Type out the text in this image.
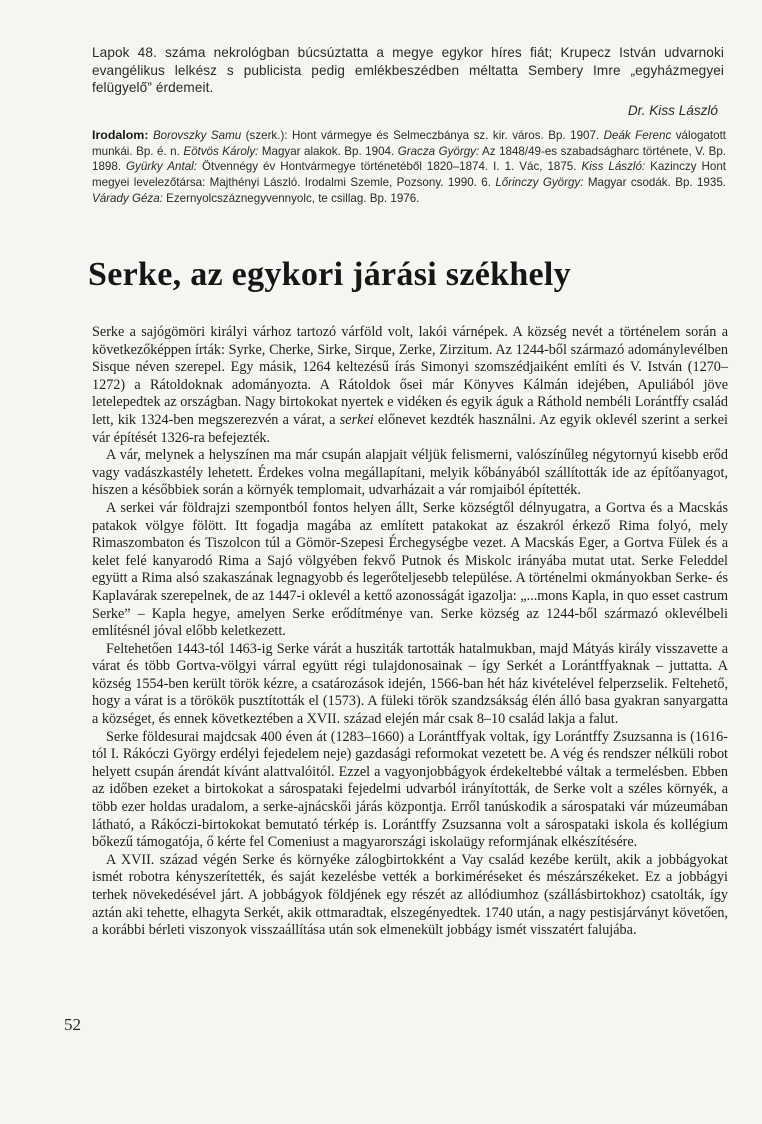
Lapok 48. száma nekrológban búcsúztatta a megye egykor híres fiát; Krupecz István udvarnoki evangélikus lelkész s publicista pedig emlékbeszédben méltatta Sembery Imre „egyházmegyei felügyelő” érdemeit.
Dr. Kiss László
Irodalom: Borovszky Samu (szerk.): Hont vármegye és Selmeczbánya sz. kir. város. Bp. 1907. Deák Ferenc válogatott munkái. Bp. é. n. Eötvös Károly: Magyar alakok. Bp. 1904. Gracza György: Az 1848/49-es szabadságharc története, V. Bp. 1898. Gyürky Antal: Ötvennégy év Hontvármegye történetéből 1820–1874. I. 1. Vác, 1875. Kiss László: Kazinczy Hont megyei levelezőtársa: Majthényi László. Irodalmi Szemle, Pozsony. 1990. 6. Lőrinczy György: Magyar csodák. Bp. 1935. Várady Géza: Ezernyolcszáznegyvennyolc, te csillag. Bp. 1976.
Serke, az egykori járási székhely

Serke a sajógömöri királyi várhoz tartozó várföld volt, lakói várnépek. A község nevét a történelem során a következőképpen írták: Syrke, Cherke, Sirke, Sirque, Zerke, Zirzitum. Az 1244-ből származó adománylevélben Sisque néven szerepel. Egy másik, 1264 keltezésű írás Simonyi szomszédjaiként említi és V. István (1270–1272) a Rátoldoknak adományozta. A Rátoldok ősei már Könyves Kálmán idejében, Apuliából jöve letelepedtek az országban. Nagy birtokokat nyertek e vidéken és egyik águk a Ráthold nembéli Lorántffy család lett, kik 1324-ben megszerezvén a várat, a serkei előnevet kezdték használni. Az egyik oklevél szerint a serkei vár építését 1326-ra befejezték.

A vár, melynek a helyszínen ma már csupán alapjait véljük felismerni, valószínűleg négytornyú kisebb erőd vagy vadászkastély lehetett. Érdekes volna megállapítani, melyik kőbányából szállították ide az építőanyagot, hiszen a későbbiek során a környék templomait, udvarházait a vár romjaiból építették.

A serkei vár földrajzi szempontból fontos helyen állt, Serke községtől délnyugatra, a Gortva és a Macskás patakok völgye fölött. Itt fogadja magába az említett patakokat az északról érkező Rima folyó, mely Rimaszombaton és Tiszolcon túl a Gömör-Szepesi Érchegységbe vezet. A Macskás Eger, a Gortva Fülek és a kelet felé kanyarodó Rima a Sajó völgyében fekvő Putnok és Miskolc irányába mutat utat. Serke Feleddel együtt a Rima alsó szakaszának legnagyobb és legerőteljesebb települése. A történelmi okmányokban Serke- és Kaplavárak szerepelnek, de az 1447-i oklevél a kettő azonosságát igazolja: „...mons Kapla, in quo esset castrum Serke” – Kapla hegye, amelyen Serke erődítménye van. Serke község az 1244-ből származó oklevélbeli említésnél jóval előbb keletkezett.

Feltehetően 1443-tól 1463-ig Serke várát a husziták tartották hatalmukban, majd Mátyás király visszavette a várat és több Gortva-völgyi várral együtt régi tulajdonosainak – így Serkét a Lorántffyaknak – juttatta. A község 1554-ben került török kézre, a csatározások idején, 1566-ban hét ház kivételével felperzselik. Feltehető, hogy a várat is a törökök pusztították el (1573). A füleki török szandzsákság élén álló basa gyakran sanyargatta a községet, és ennek következtében a XVII. század elején már csak 8–10 család lakja a falut.

Serke földesurai majdcsak 400 éven át (1283–1660) a Lorántffyak voltak, így Lorántffy Zsuzsanna is (1616-tól I. Rákóczi György erdélyi fejedelem neje) gazdasági reformokat vezetett be. A vég és rendszer nélküli robot helyett csupán árendát kívánt alattvalóitól. Ezzel a vagyonjobbágyok érdekeltebbé váltak a termelésben. Ebben az időben ezeket a birtokokat a sárospataki fejedelmi udvarból irányították, de Serke volt a széles környék, a több ezer holdas uradalom, a serke-ajnácskői járás központja. Erről tanúskodik a sárospataki vár múzeumában látható, a Rákóczi-birtokokat bemutató térkép is. Lorántffy Zsuzsanna volt a sárospataki iskola és kollégium bőkezű támogatója, ő kérte fel Comeniust a magyarországi iskolaügy reformjának elkészítésére.

A XVII. század végén Serke és környéke zálogbirtokként a Vay család kezébe került, akik a jobbágyokat ismét robotra kényszerítették, és saját kezelésbe vették a borkiméréseket és mészárszékeket. Ez a jobbágyi terhek növekedésével járt. A jobbágyok földjének egy részét az allódiumhoz (szállásbirtokhoz) csatolták, így aztán aki tehette, elhagyta Serkét, akik ottmaradtak, elszegényedtek. 1740 után, a nagy pestisjárványt követően, a korábbi bérleti viszonyok visszaállítása után sok elmenekült jobbágy ismét visszatért falujába.

52
